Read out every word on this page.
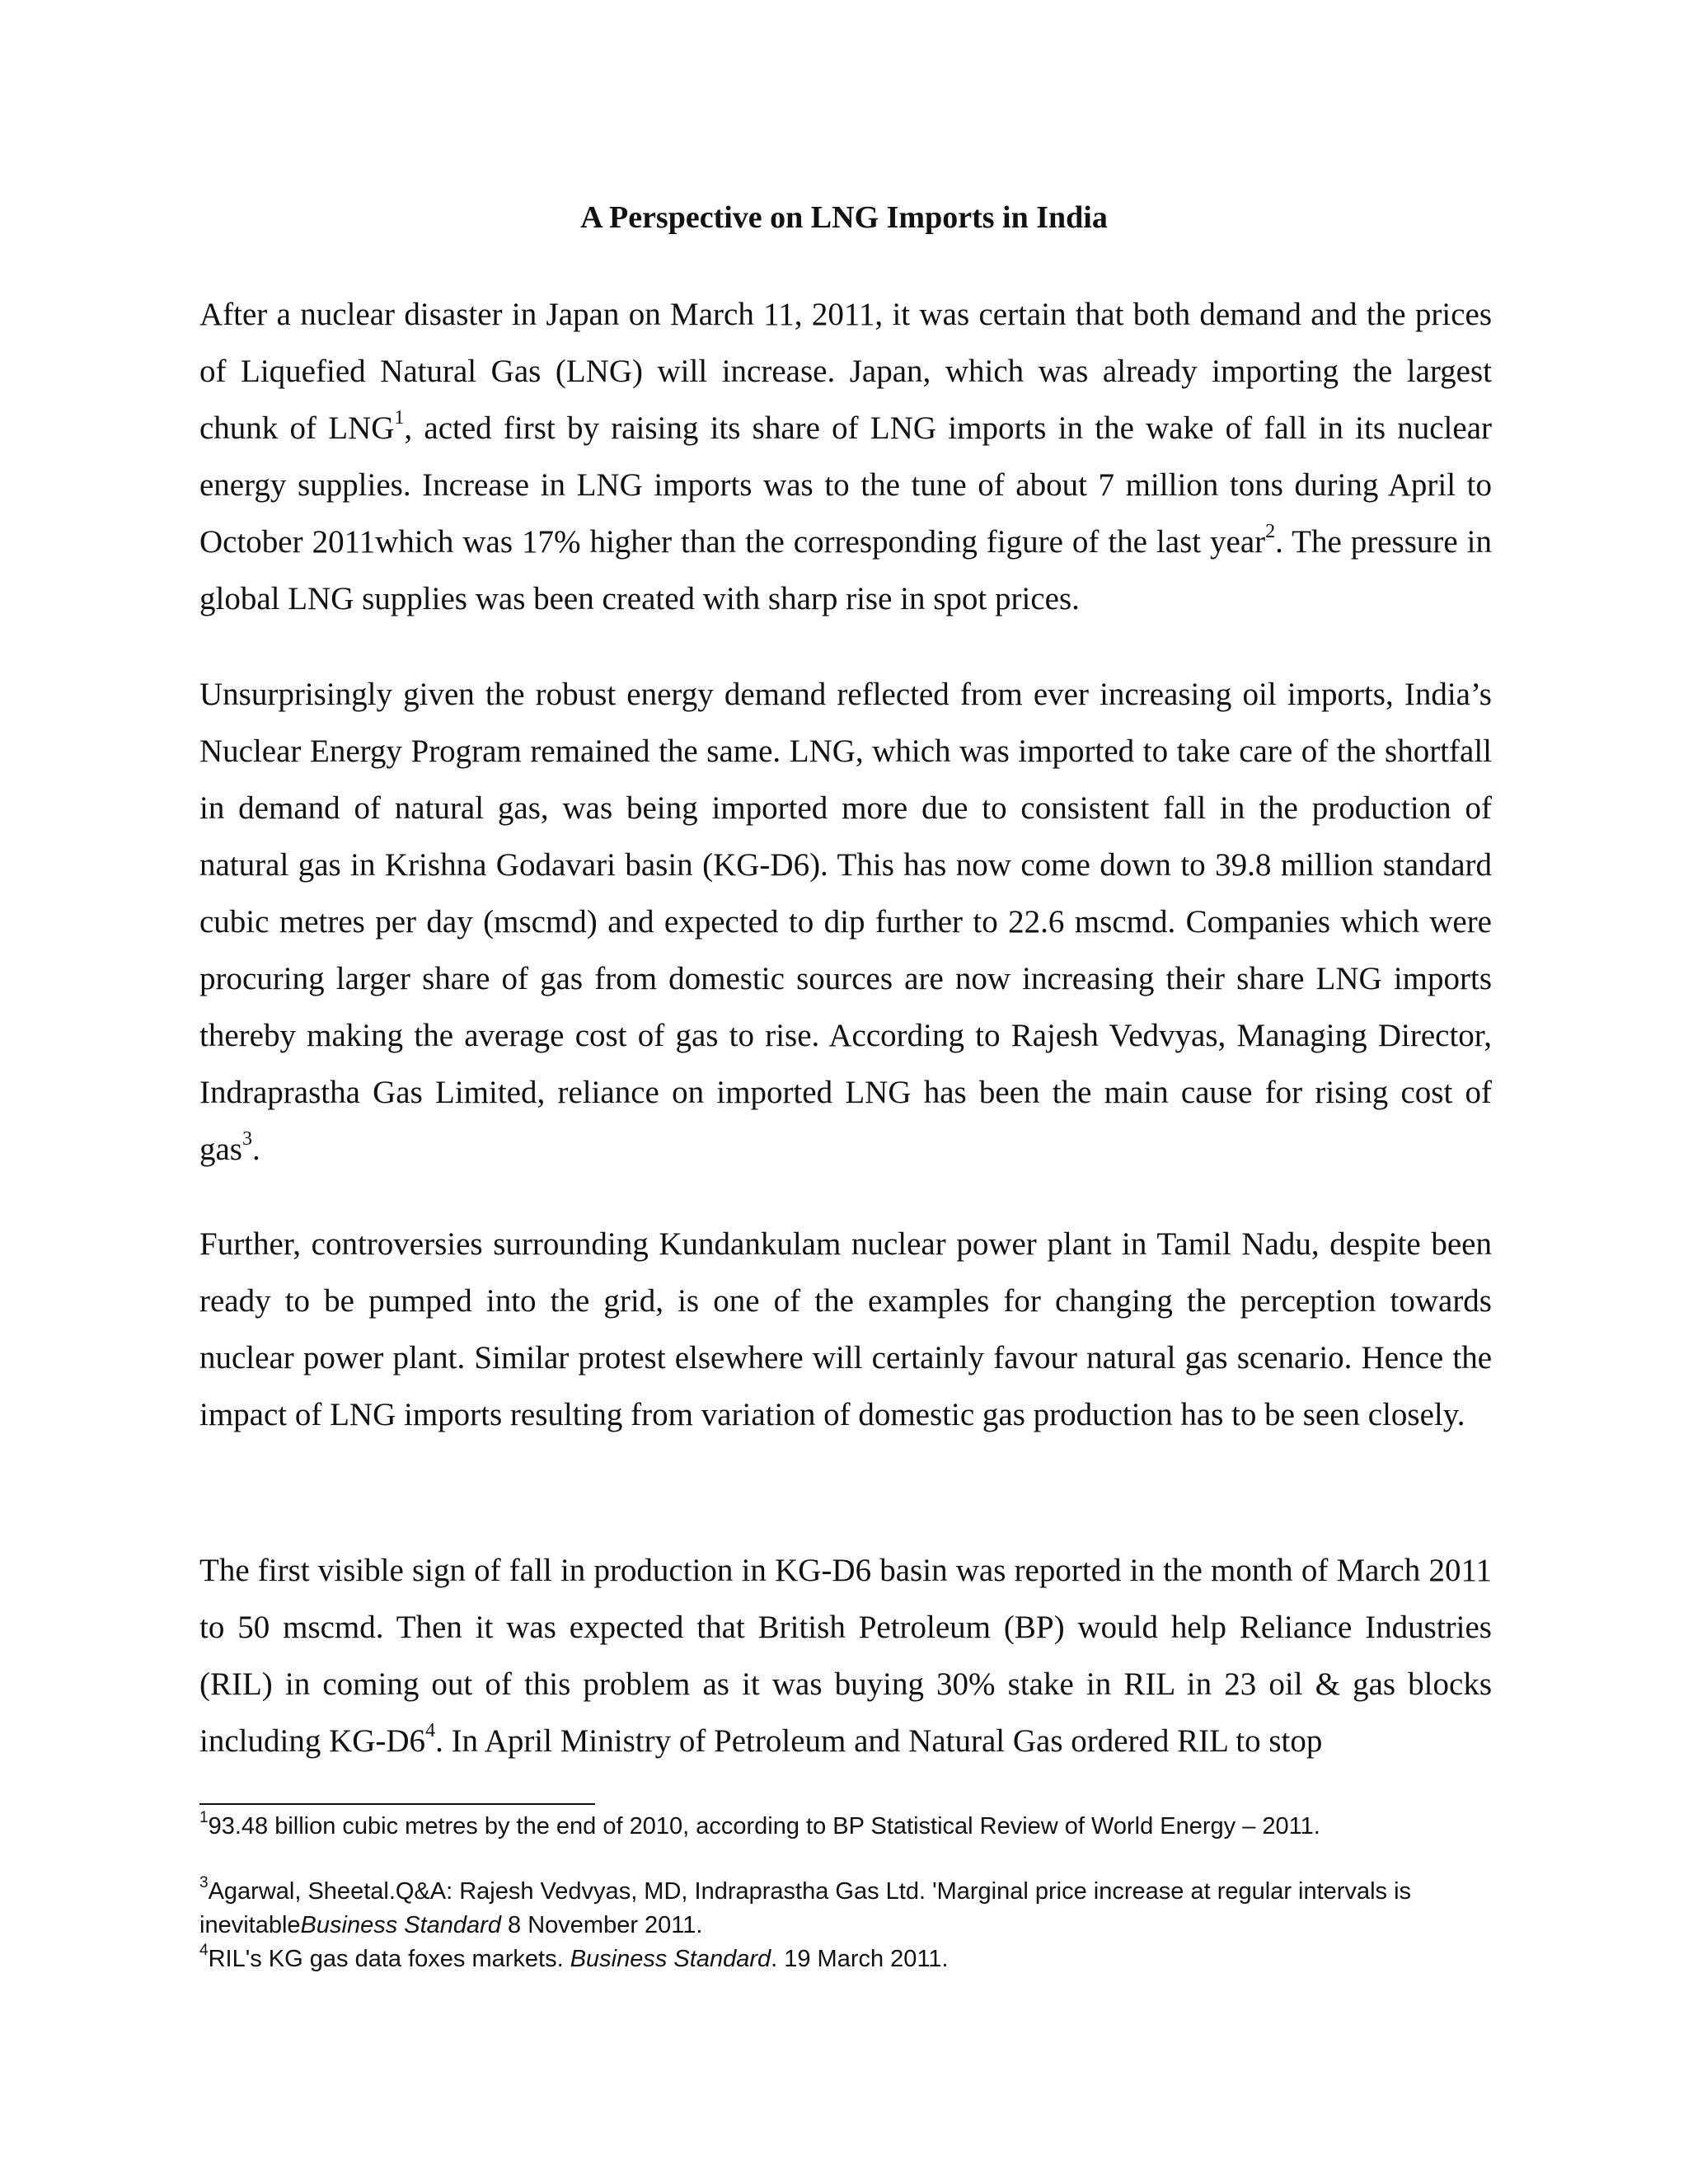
A Perspective on LNG Imports in India

After a nuclear disaster in Japan on March 11, 2011, it was certain that both demand and the prices of Liquefied Natural Gas (LNG) will increase. Japan, which was already importing the largest chunk of LNG$^1$, acted first by raising its share of LNG imports in the wake of fall in its nuclear energy supplies. Increase in LNG imports was to the tune of about 7 million tons during April to October 2011which was 17% higher than the corresponding figure of the last year$^2$. The pressure in global LNG supplies was been created with sharp rise in spot prices.

Unsurprisingly given the robust energy demand reflected from ever increasing oil imports, India’s Nuclear Energy Program remained the same. LNG, which was imported to take care of the shortfall in demand of natural gas, was being imported more due to consistent fall in the production of natural gas in Krishna Godavari basin (KG-D6). This has now come down to 39.8 million standard cubic metres per day (mscmd) and expected to dip further to 22.6 mscmd. Companies which were procuring larger share of gas from domestic sources are now increasing their share LNG imports thereby making the average cost of gas to rise. According to Rajesh Vedvyas, Managing Director, Indraprastha Gas Limited, reliance on imported LNG has been the main cause for rising cost of gas$^3$.

Further, controversies surrounding Kundankulam nuclear power plant in Tamil Nadu, despite been ready to be pumped into the grid, is one of the examples for changing the perception towards nuclear power plant. Similar protest elsewhere will certainly favour natural gas scenario. Hence the impact of LNG imports resulting from variation of domestic gas production has to be seen closely.

The first visible sign of fall in production in KG-D6 basin was reported in the month of March 2011 to 50 mscmd. Then it was expected that British Petroleum (BP) would help Reliance Industries (RIL) in coming out of this problem as it was buying 30% stake in RIL in 23 oil & gas blocks including $KG-D6^4$. In April Ministry of Petroleum and Natural Gas ordered RIL to stop

$^1$93.48 billion cubic metres by the end of 2010, according to BP Statistical Review of World Energy – 2011.

$^3$Agarwal, Sheetal.Q&A: Rajesh Vedvyas, MD, Indraprastha Gas Ltd. 'Marginal price increase at regular intervals is inevitableBusiness Standard 8 November 2011.

$^4$RIL's KG gas data foxes markets. Business Standard. 19 March 2011.
